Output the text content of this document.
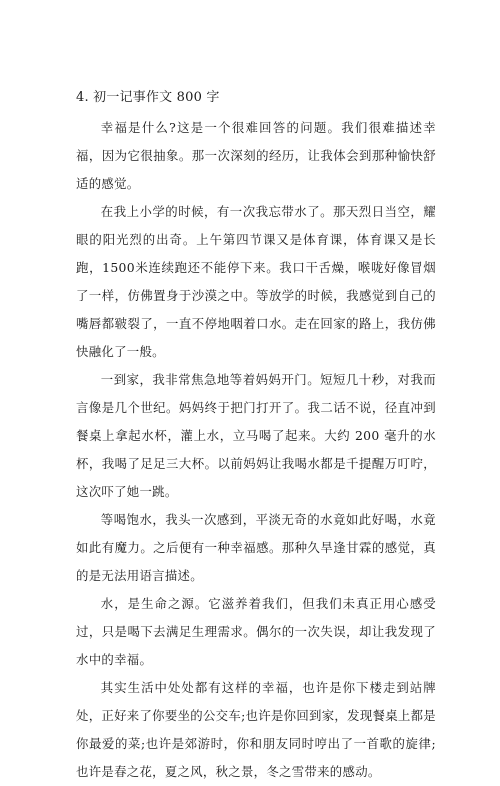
4. 初一记事作文 800 字

幸福是什么?这是一个很难回答的问题。我们很难描述幸福，因为它很抽象。那一次深刻的经历，让我体会到那种愉快舒适的感觉。

在我上小学的时候，有一次我忘带水了。那天烈日当空，耀眼的阳光烈的出奇。上午第四节课又是体育课，体育课又是长跑，1500米连续跑还不能停下来。我口干舌燥，喉咙好像冒烟了一样，仿佛置身于沙漠之中。等放学的时候，我感觉到自己的嘴唇都皲裂了，一直不停地咽着口水。走在回家的路上，我仿佛快融化了一般。

一到家，我非常焦急地等着妈妈开门。短短几十秒，对我而言像是几个世纪。妈妈终于把门打开了。我二话不说，径直冲到餐桌上拿起水杯，灌上水，立马喝了起来。大约 200 毫升的水杯，我喝了足足三大杯。以前妈妈让我喝水都是千提醒万叮咛，这次吓了她一跳。

等喝饱水，我头一次感到，平淡无奇的水竟如此好喝，水竟如此有魔力。之后便有一种幸福感。那种久旱逢甘霖的感觉，真的是无法用语言描述。

水，是生命之源。它滋养着我们，但我们未真正用心感受过，只是喝下去满足生理需求。偶尔的一次失误，却让我发现了水中的幸福。

其实生活中处处都有这样的幸福，也许是你下楼走到站牌处，正好来了你要坐的公交车;也许是你回到家，发现餐桌上都是你最爱的菜;也许是郊游时，你和朋友同时哼出了一首歌的旋律;也许是春之花，夏之风，秋之景，冬之雪带来的感动。
